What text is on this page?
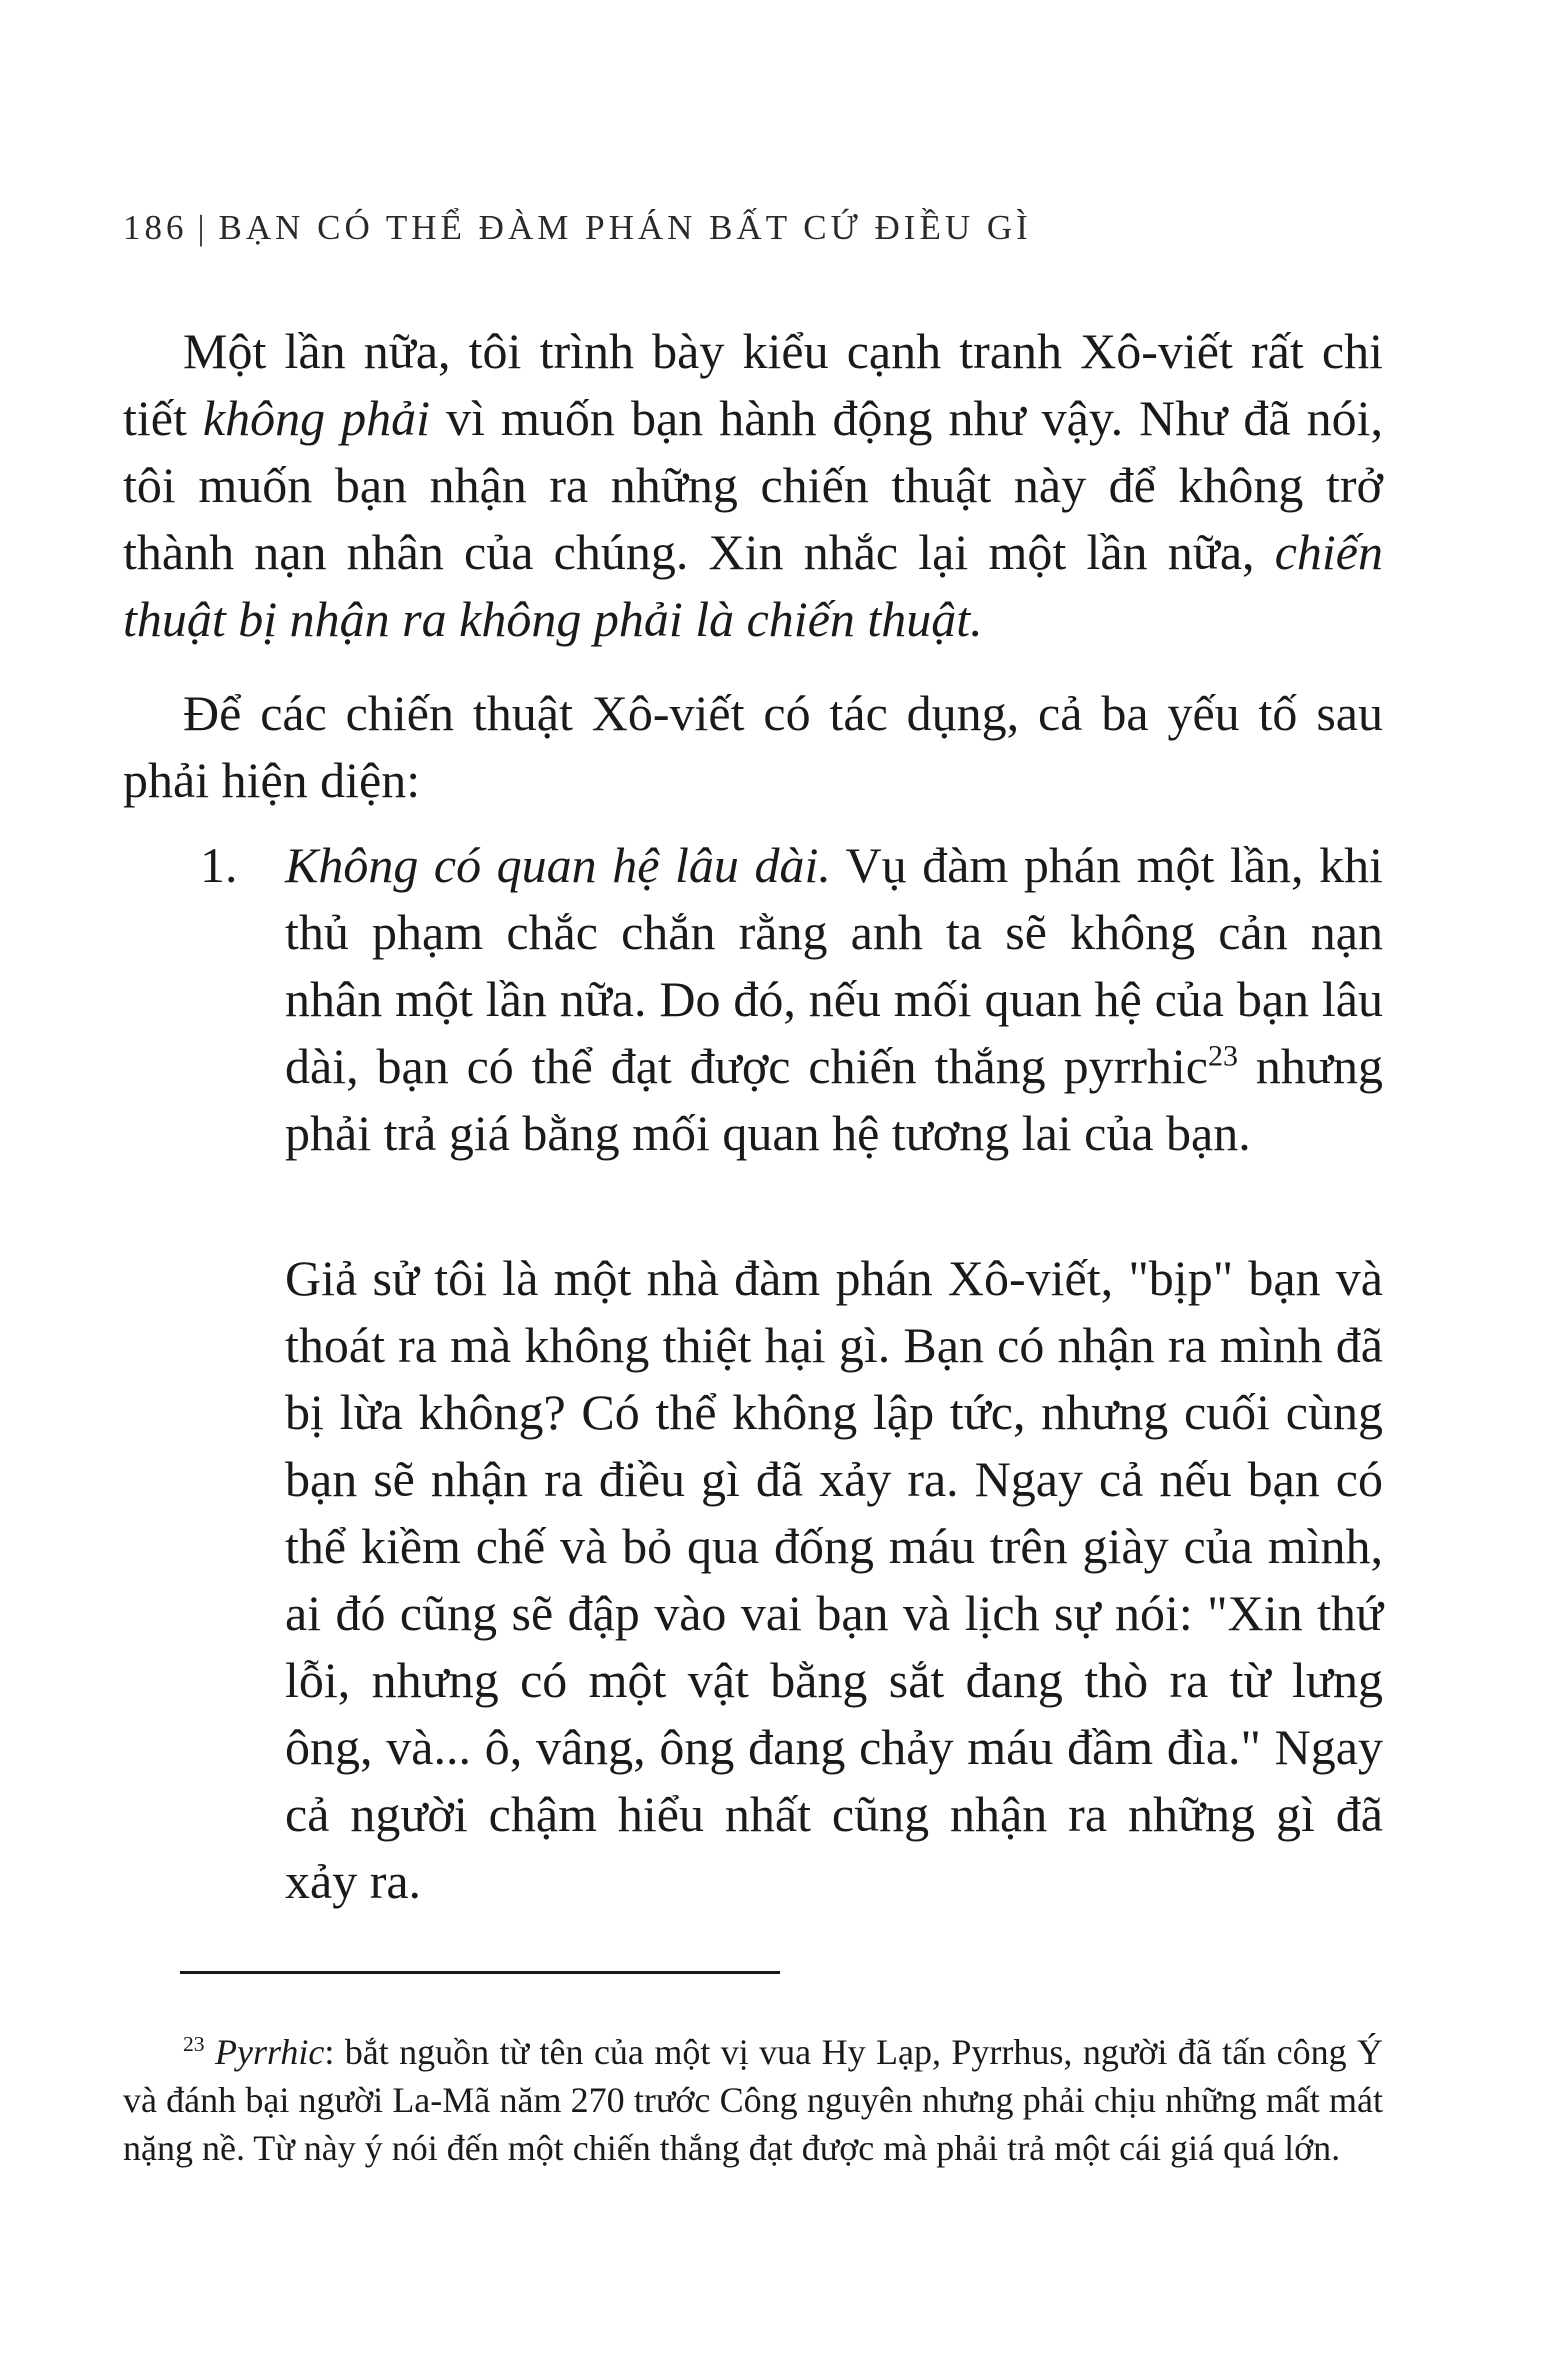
186 | BẠN CÓ THỂ ĐÀM PHÁN BẤT CỨ ĐIỀU GÌ

Một lần nữa, tôi trình bày kiểu cạnh tranh Xô-viết rất chi tiết không phải vì muốn bạn hành động như vậy. Như đã nói, tôi muốn bạn nhận ra những chiến thuật này để không trở thành nạn nhân của chúng. Xin nhắc lại một lần nữa, chiến thuật bị nhận ra không phải là chiến thuật.

Để các chiến thuật Xô-viết có tác dụng, cả ba yếu tố sau phải hiện diện:

1. Không có quan hệ lâu dài. Vụ đàm phán một lần, khi thủ phạm chắc chắn rằng anh ta sẽ không cản nạn nhân một lần nữa. Do đó, nếu mối quan hệ của bạn lâu dài, bạn có thể đạt được chiến thắng pyrrhic$^{23}$ nhưng phải trả giá bằng mối quan hệ tương lai của bạn.

Giả sử tôi là một nhà đàm phán Xô-viết, "bịp" bạn và thoát ra mà không thiệt hại gì. Bạn có nhận ra mình đã bị lừa không? Có thể không lập tức, nhưng cuối cùng bạn sẽ nhận ra điều gì đã xảy ra. Ngay cả nếu bạn có thể kiềm chế và bỏ qua đống máu trên giày của mình, ai đó cũng sẽ đập vào vai bạn và lịch sự nói: "Xin thứ lỗi, nhưng có một vật bằng sắt đang thò ra từ lưng ông, và... ô, vâng, ông đang chảy máu đầm đìa." Ngay cả người chậm hiểu nhất cũng nhận ra những gì đã xảy ra.

$^{23}$ Pyrrhic: bắt nguồn từ tên của một vị vua Hy Lạp, Pyrrhus, người đã tấn công Ý và đánh bại người La-Mã năm 270 trước Công nguyên nhưng phải chịu những mất mát nặng nề. Từ này ý nói đến một chiến thắng đạt được mà phải trả một cái giá quá lớn.
